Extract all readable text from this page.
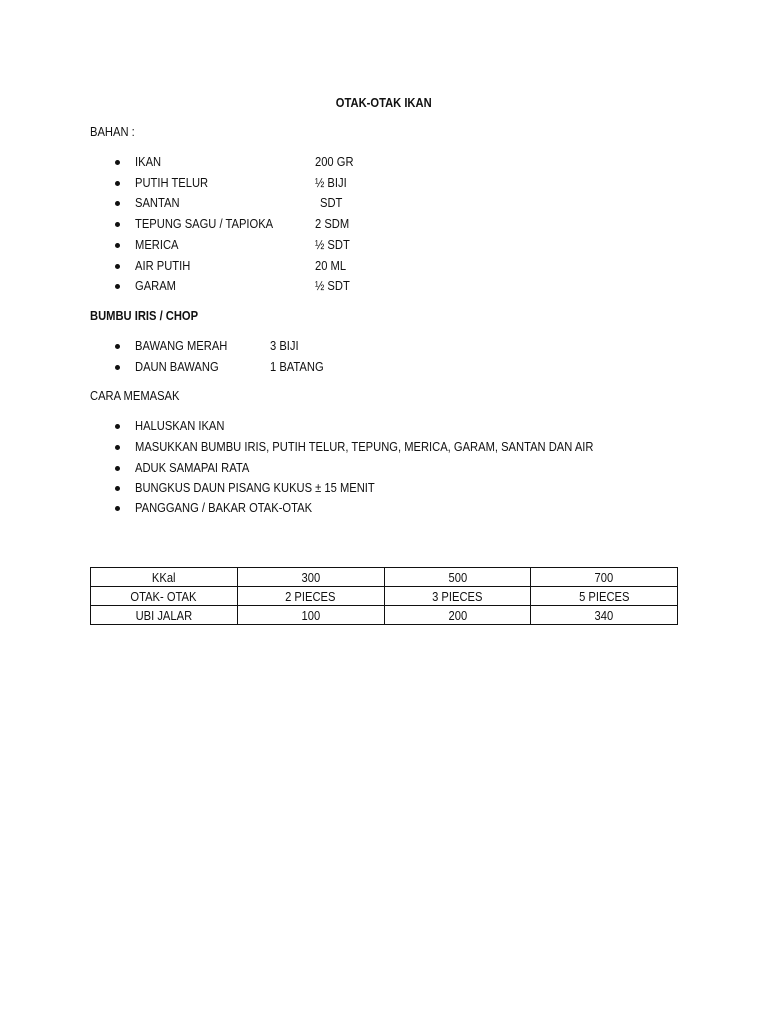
OTAK-OTAK IKAN
BAHAN :
IKAN	200 GR
PUTIH TELUR	½ BIJI
SANTAN	SDT
TEPUNG SAGU / TAPIOKA	2 SDM
MERICA	½ SDT
AIR PUTIH	20 ML
GARAM	½ SDT
BUMBU IRIS / CHOP
BAWANG MERAH	3 BIJI
DAUN BAWANG	1 BATANG
CARA MEMASAK
HALUSKAN IKAN
MASUKKAN BUMBU IRIS, PUTIH TELUR, TEPUNG, MERICA, GARAM, SANTAN DAN AIR
ADUK SAMAPAI RATA
BUNGKUS DAUN PISANG KUKUS ± 15 MENIT
PANGGANG / BAKAR OTAK-OTAK
KKal	300	500	700
OTAK- OTAK	2 PIECES	3 PIECES	5 PIECES
UBI JALAR	100	200	340
